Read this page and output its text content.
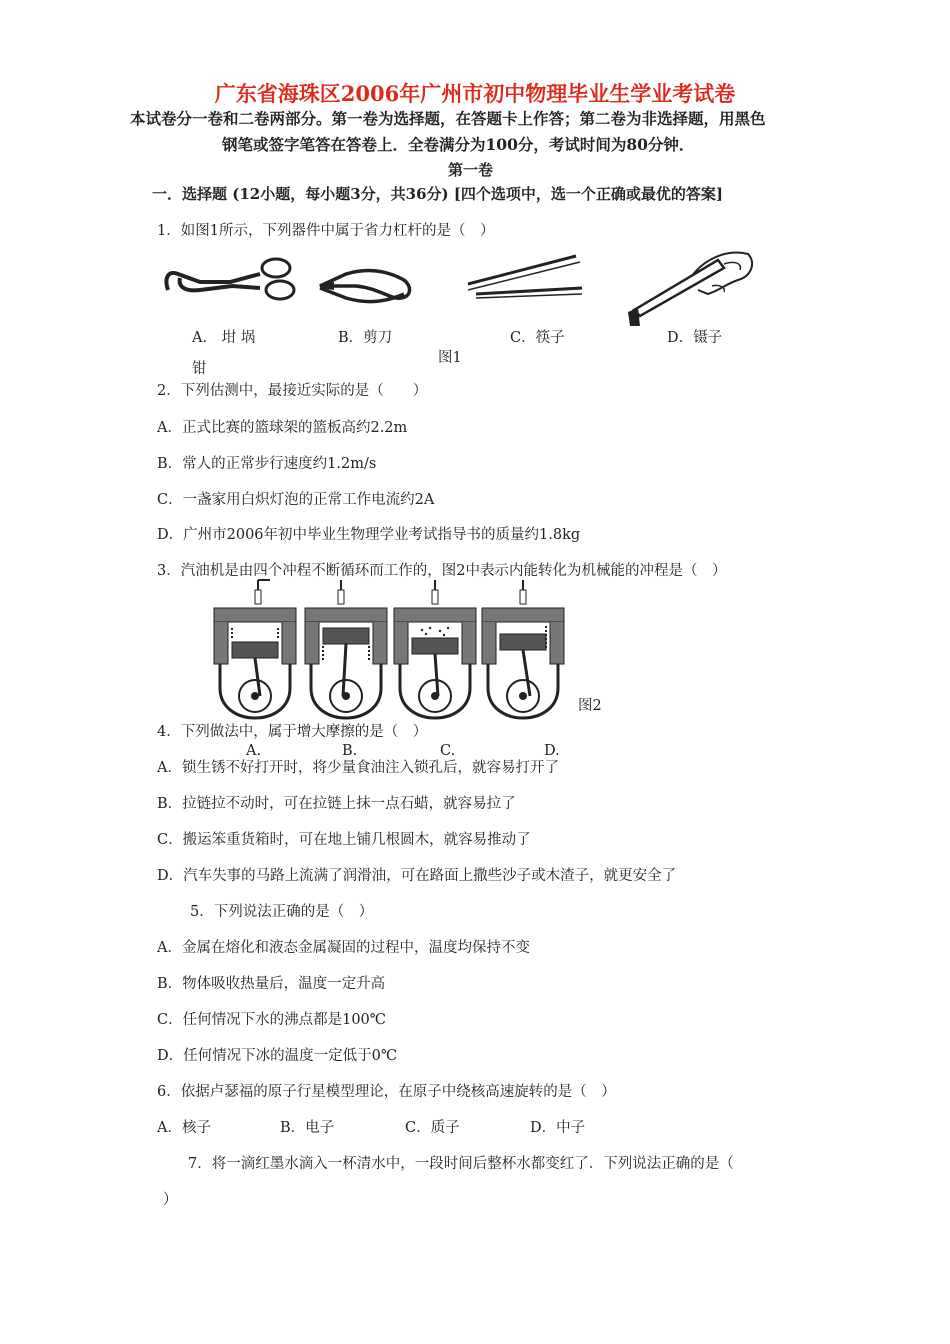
广东省海珠区2006年广州市初中物理毕业生学业考试卷
本试卷分一卷和二卷两部分。第一卷为选择题，在答题卡上作答；第二卷为非选择题，用黑色
钢笔或签字笔答在答卷上．全卷满分为100分，考试时间为80分钟．
第一卷
一．选择题 (12小题，每小题3分，共36分) [四个选项中，选一个正确或最优的答案]
1．如图1所示，下列器件中属于省力杠杆的是（　）
A． 坩 埚	B．剪刀	C．筷子	D．镊子
图1
钳
2．下列估测中，最接近实际的是（　　）
A．正式比赛的篮球架的篮板高约2.2m
B．常人的正常步行速度约1.2m/s
C．一盏家用白炽灯泡的正常工作电流约2A
D．广州市2006年初中毕业生物理学业考试指导书的质量约1.8kg
3．汽油机是由四个冲程不断循环而工作的，图2中表示内能转化为机械能的冲程是（　）
图2
4．下列做法中，属于增大摩擦的是（　）
A.	B.	C.	D.
A．锁生锈不好打开时，将少量食油注入锁孔后，就容易打开了
B．拉链拉不动时，可在拉链上抹一点石蜡，就容易拉了
C．搬运笨重货箱时，可在地上铺几根圆木，就容易推动了
D．汽车失事的马路上流满了润滑油，可在路面上撒些沙子或木渣子，就更安全了
5．下列说法正确的是（　）
A．金属在熔化和液态金属凝固的过程中，温度均保持不变
B．物体吸收热量后，温度一定升高
C．任何情况下水的沸点都是100℃
D．任何情况下冰的温度一定低于0℃
6．依据卢瑟福的原子行星模型理论，在原子中绕核高速旋转的是（　）
A．核子	B．电子	C．质子	D．中子
7．将一滴红墨水滴入一杯清水中，一段时间后整杯水都变红了．下列说法正确的是（
）
